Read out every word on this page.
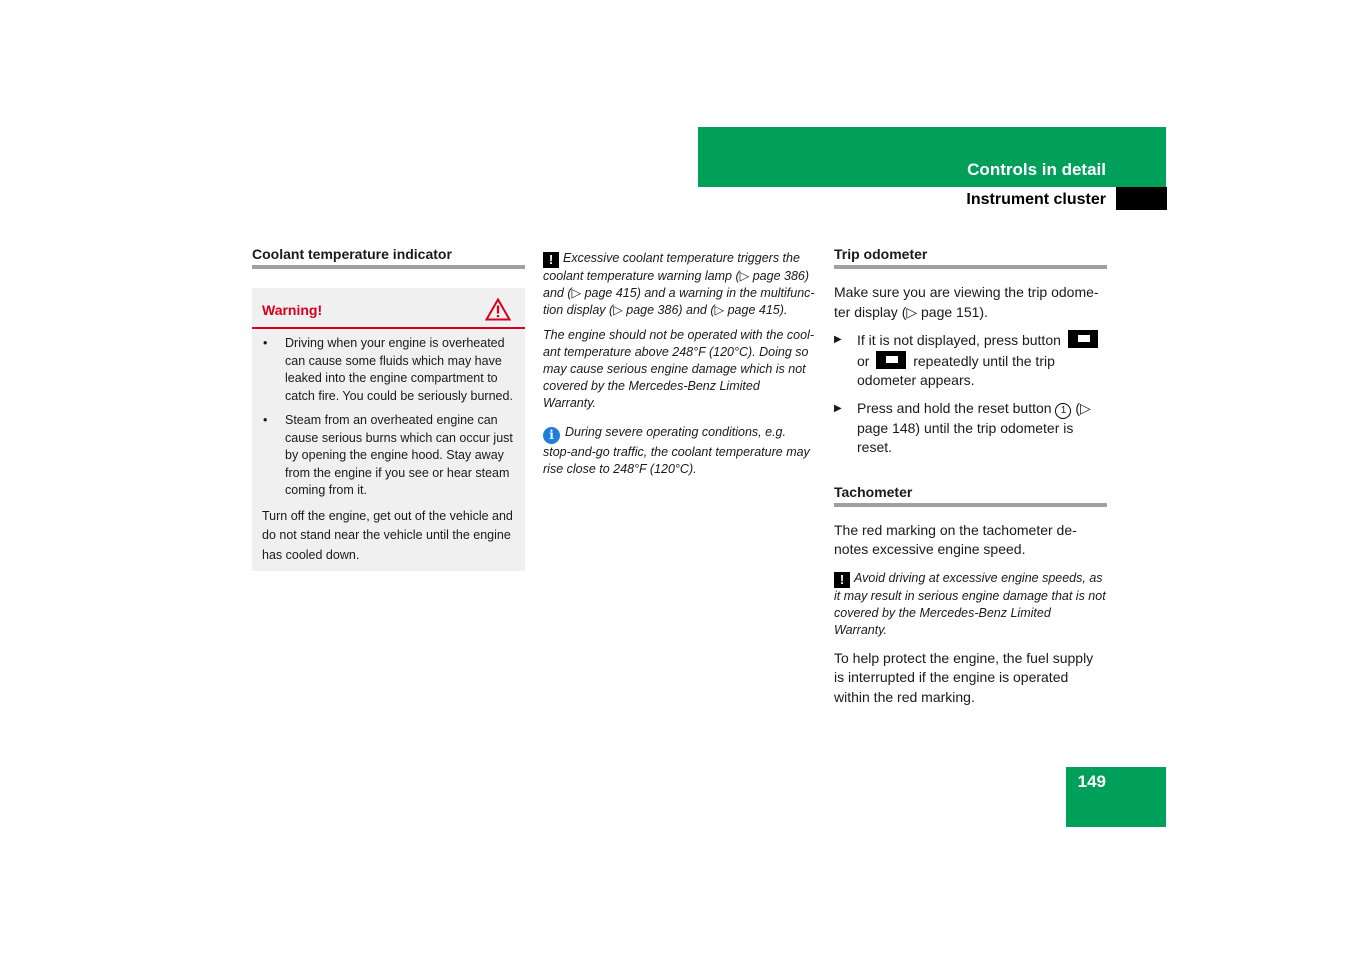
Controls in detail
Instrument cluster
Coolant temperature indicator
Warning!
• Driving when your engine is overheated can cause some fluids which may have leaked into the engine compartment to catch fire. You could be seriously burned.
• Steam from an overheated engine can cause serious burns which can occur just by opening the engine hood. Stay away from the engine if you see or hear steam coming from it.

Turn off the engine, get out of the vehicle and do not stand near the vehicle until the engine has cooled down.

! Excessive coolant temperature triggers the coolant temperature warning lamp (▷ page 386) and (▷ page 415) and a warning in the multifunc-tion display (▷ page 386) and (▷ page 415).

The engine should not be operated with the cool-ant temperature above 248°F (120°C). Doing so may cause serious engine damage which is not covered by the Mercedes-Benz Limited Warranty.

i During severe operating conditions, e.g. stop-and-go traffic, the coolant temperature may rise close to 248°F (120°C).

Trip odometer

Make sure you are viewing the trip odome-ter display (▷ page 151).

▶ If it is not displayed, press button  or	repeatedly until the trip odometer appears.
▶ Press and hold the reset button 1 (▷ page 148) until the trip odometer is reset.
Tachometer

The red marking on the tachometer de-notes excessive engine speed.

! Avoid driving at excessive engine speeds, as it may result in serious engine damage that is not covered by the Mercedes-Benz Limited Warranty.

To help protect the engine, the fuel supply is interrupted if the engine is operated within the red marking.

149
